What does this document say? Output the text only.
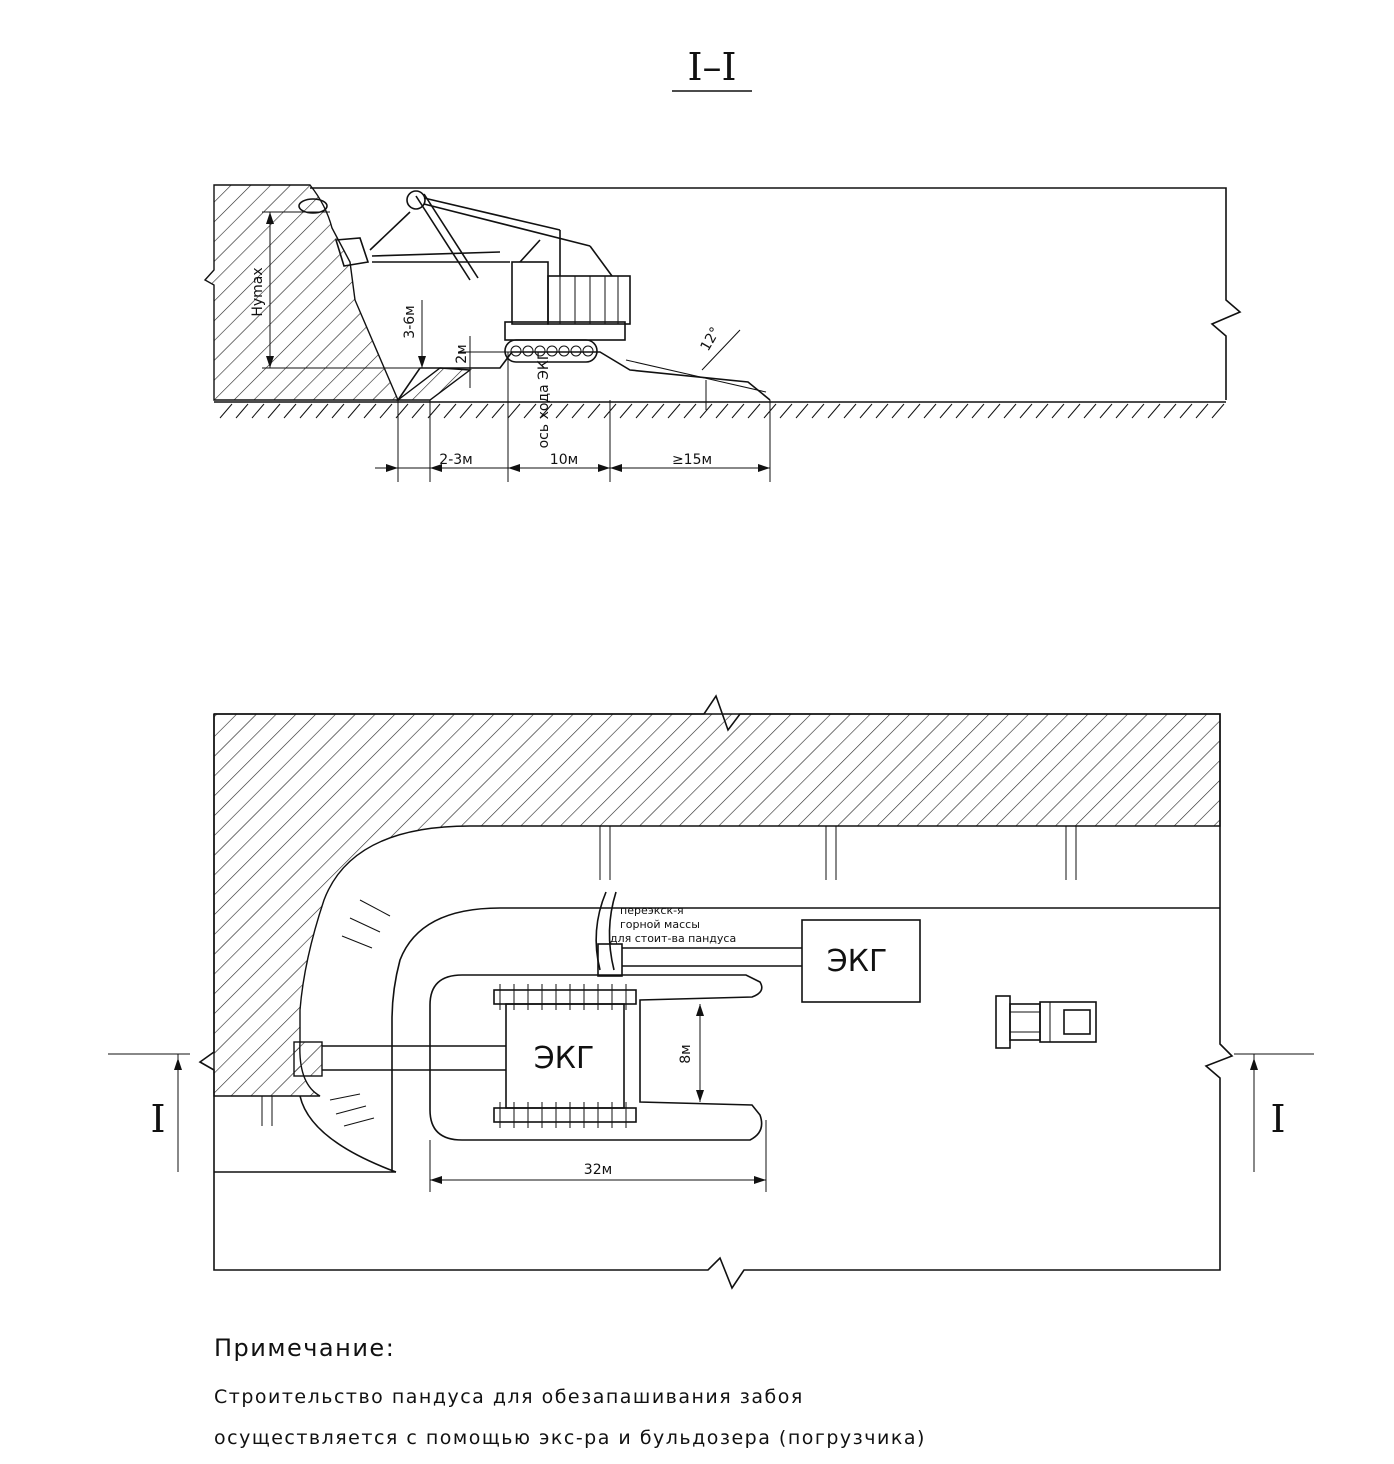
I–I
Hymax
3-6м
2м	ось хода ЭКГ
12°
2-3м	10м	≥15м
ЭКГ
ЭКГ
переэкск-я
горной массы
для стоит-ва пандуса
8м
32м
I	I
Примечание:
Строительство пандуса для обезапашивания забоя
осуществляется с помощью экс-ра и бульдозера (погрузчика)
